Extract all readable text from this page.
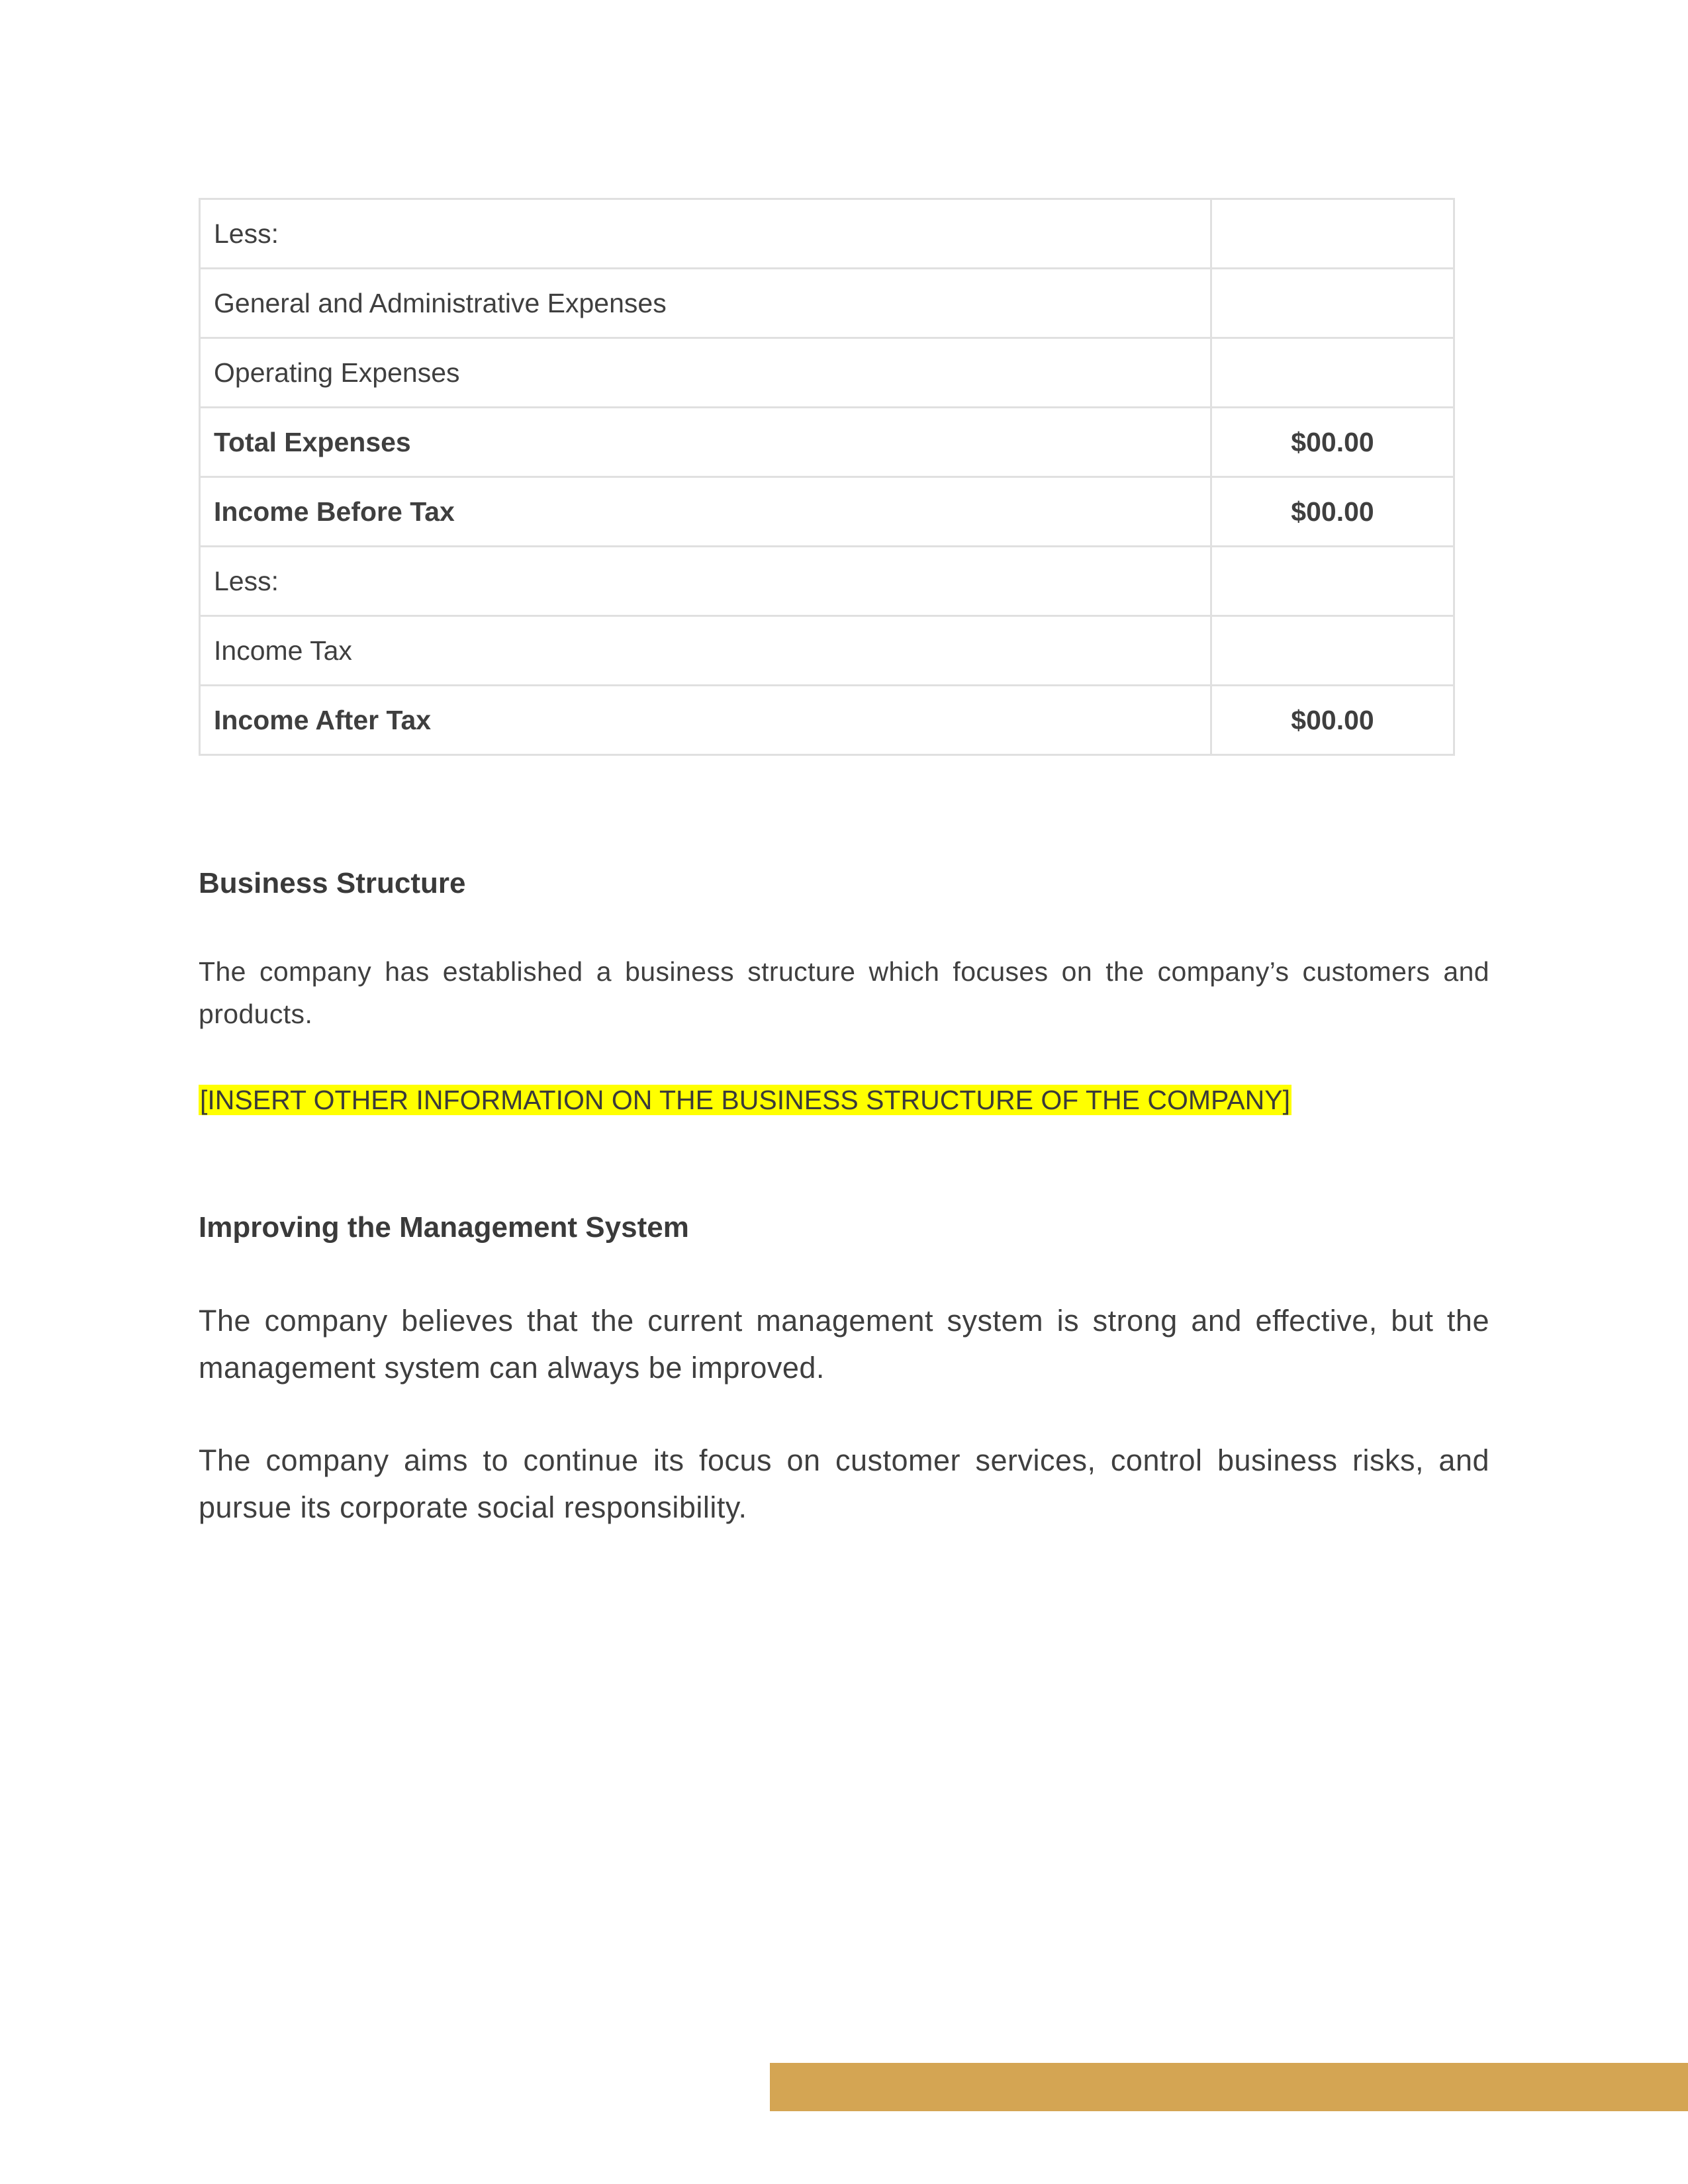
Less:	
General and Administrative Expenses	
Operating Expenses	
Total Expenses	$00.00
Income Before Tax	$00.00
Less:	
Income Tax	
Income After Tax	$00.00
Business Structure

The company has established a business structure which focuses on the company’s customers and products.

[INSERT OTHER INFORMATION ON THE BUSINESS STRUCTURE OF THE COMPANY]

Improving the Management System

The company believes that the current management system is strong and effective, but the management system can always be improved.

The company aims to continue its focus on customer services, control business risks, and pursue its corporate social responsibility.
